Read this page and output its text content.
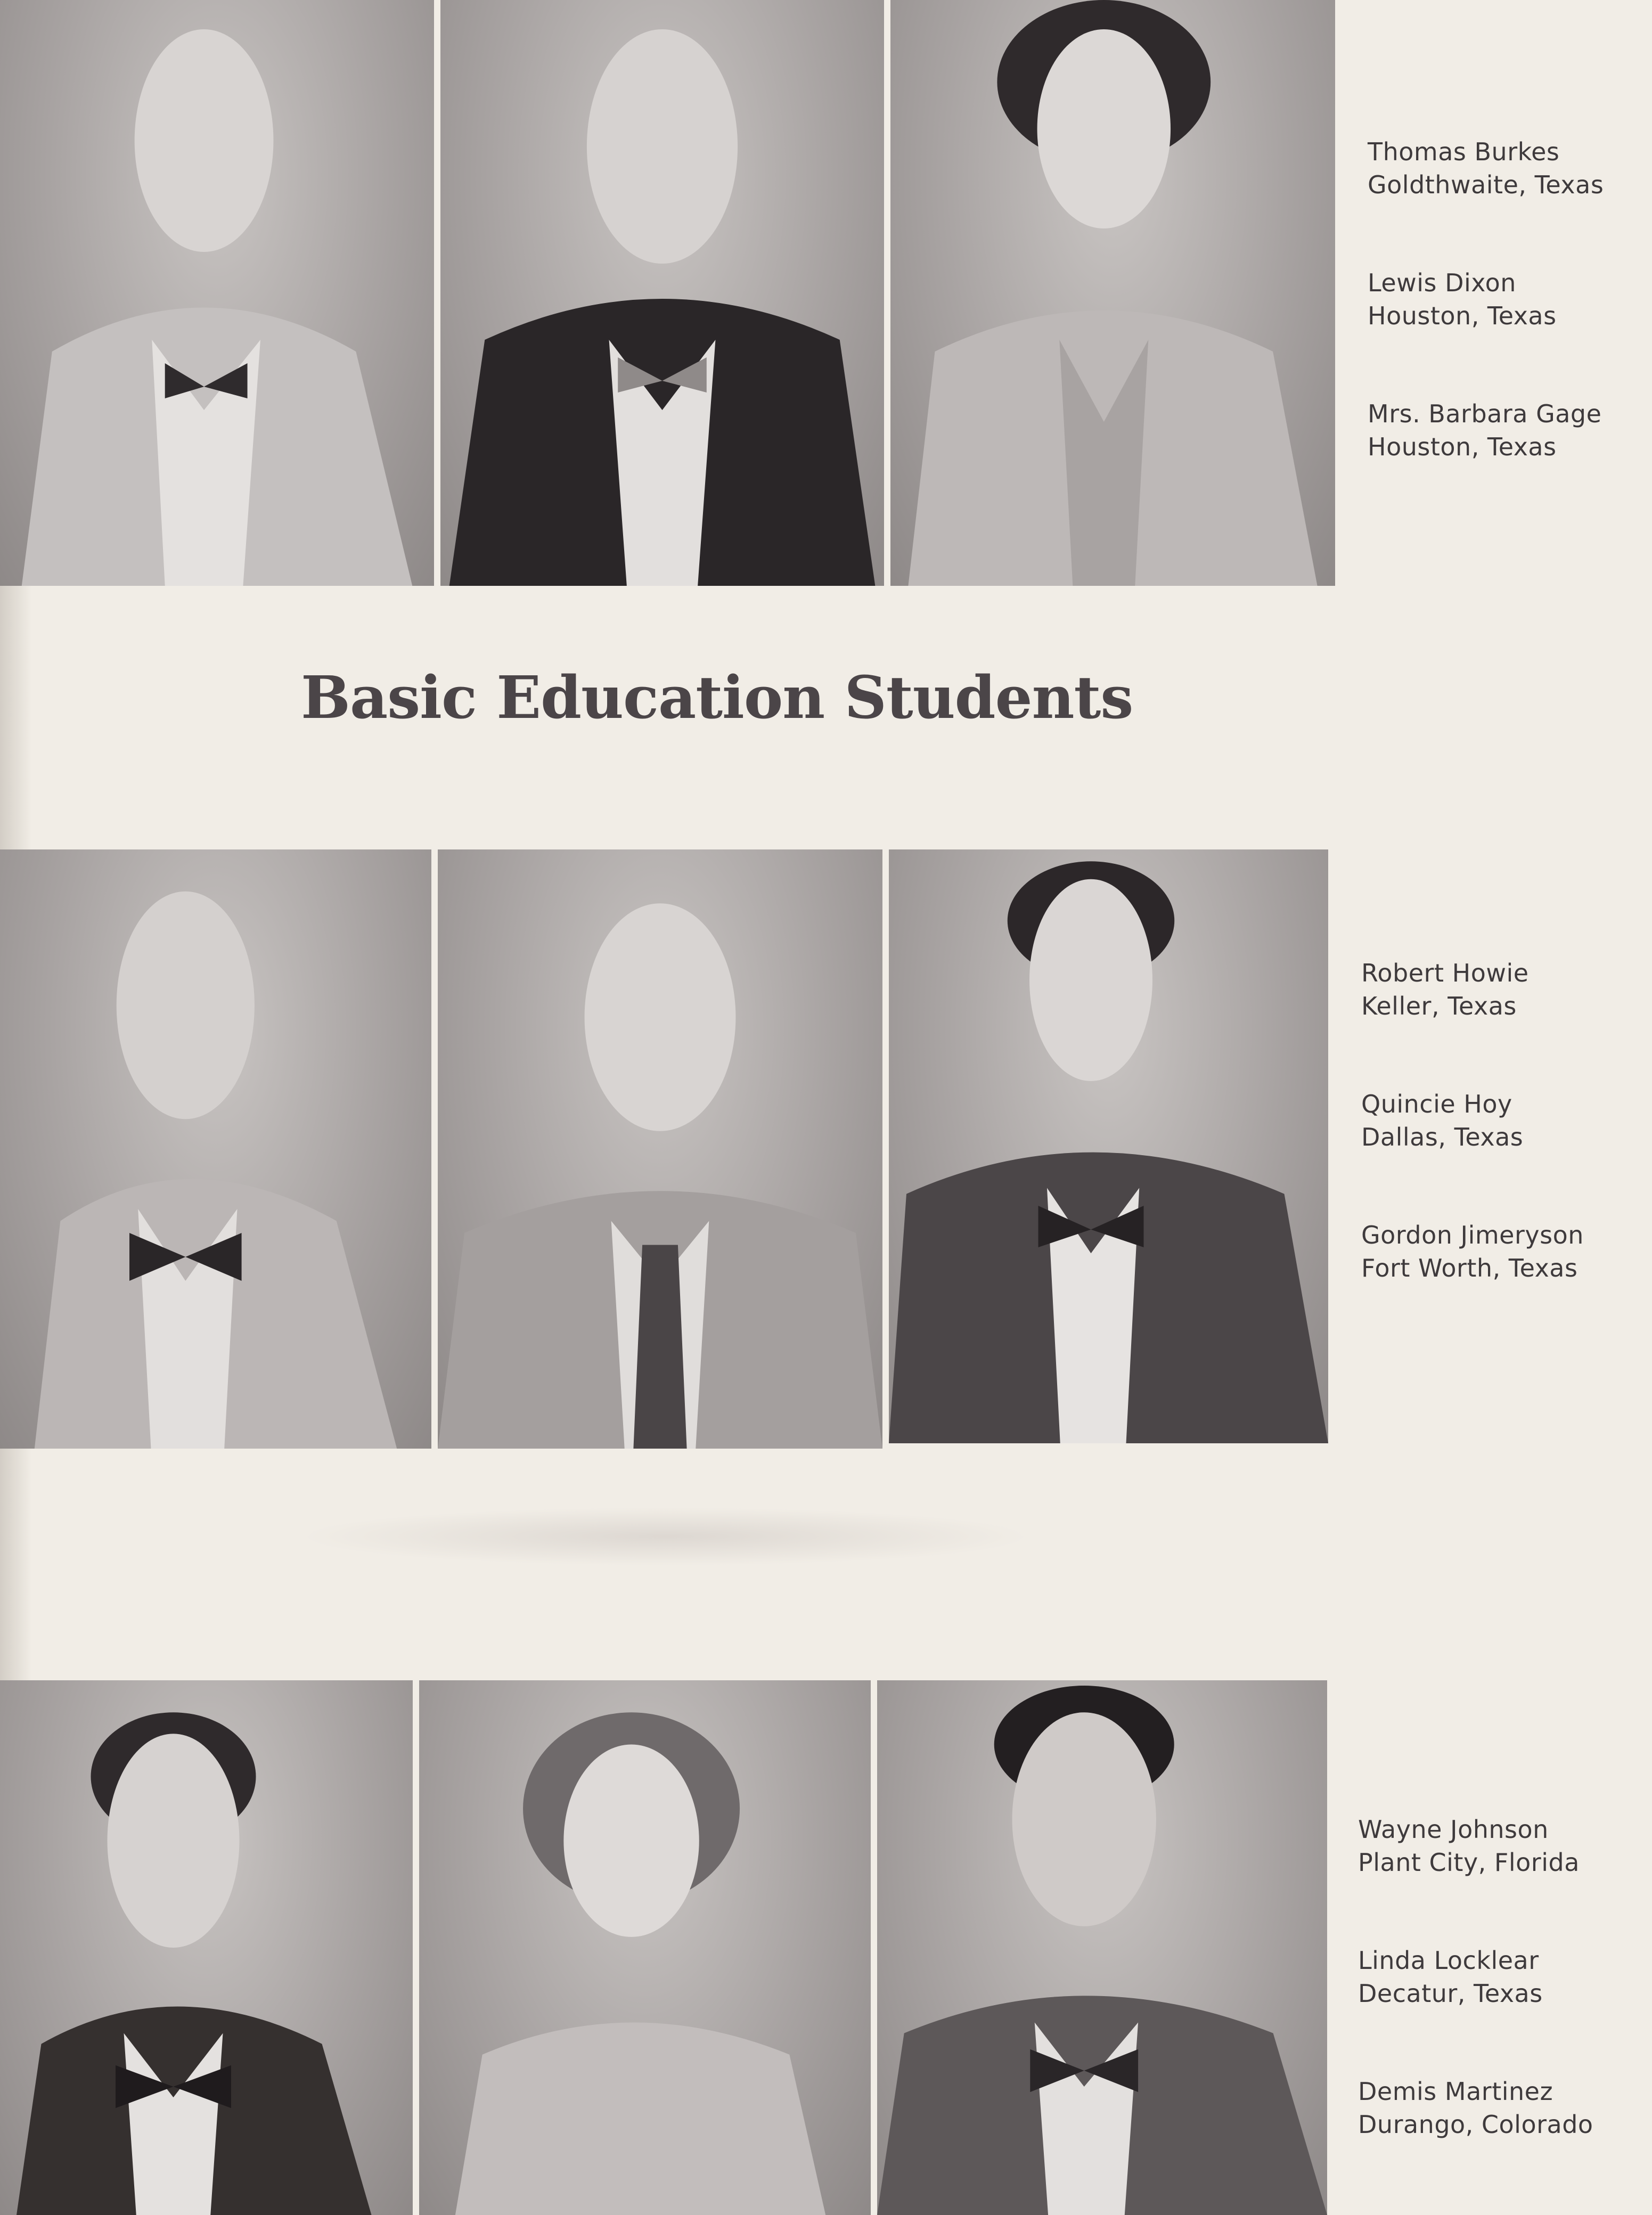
Thomas Burkes
Goldthwaite, Texas
Lewis Dixon
Houston, Texas
Mrs. Barbara Gage
Houston, Texas
Basic Education Students
Robert Howie
Keller, Texas
Quincie Hoy
Dallas, Texas
Gordon Jimeryson
Fort Worth, Texas
Wayne Johnson
Plant City, Florida
Linda Locklear
Decatur, Texas
Demis Martinez
Durango, Colorado
